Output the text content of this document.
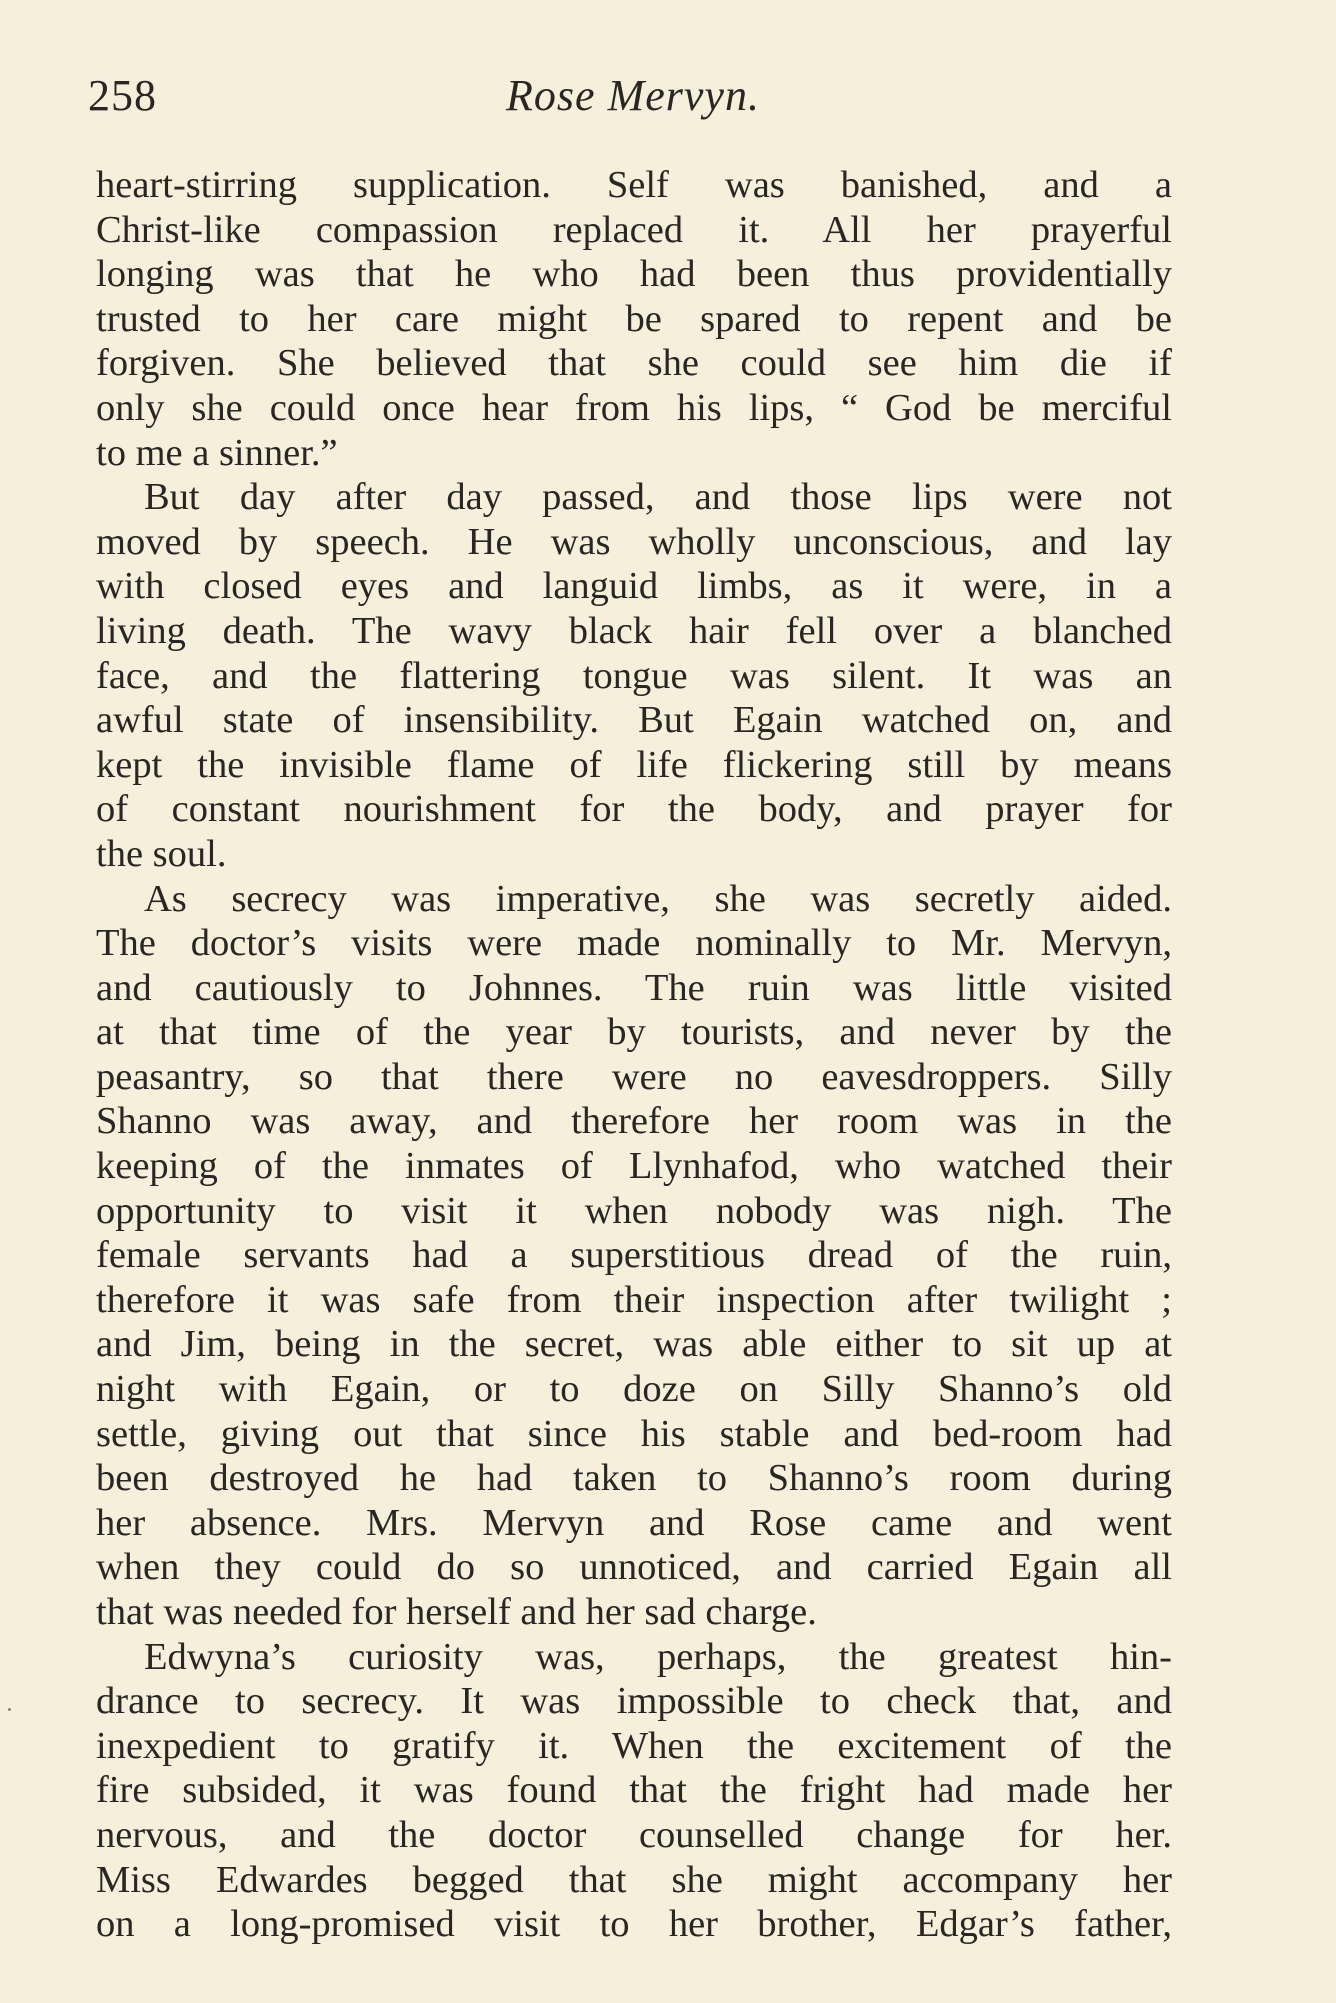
258	Rose Mervyn.
heart-stirring supplication. Self was banished, and a
Christ-like compassion replaced it. All her prayerful
longing was that he who had been thus providentially
trusted to her care might be spared to repent and be
forgiven. She believed that she could see him die if
only she could once hear from his lips, “ God be merciful
to me a sinner.”
But day after day passed, and those lips were not
moved by speech. He was wholly unconscious, and lay
with closed eyes and languid limbs, as it were, in a
living death. The wavy black hair fell over a blanched
face, and the flattering tongue was silent. It was an
awful state of insensibility. But Egain watched on, and
kept the invisible flame of life flickering still by means
of constant nourishment for the body, and prayer for
the soul.
As secrecy was imperative, she was secretly aided.
The doctor’s visits were made nominally to Mr. Mervyn,
and cautiously to Johnnes. The ruin was little visited
at that time of the year by tourists, and never by the
peasantry, so that there were no eavesdroppers. Silly
Shanno was away, and therefore her room was in the
keeping of the inmates of Llynhafod, who watched their
opportunity to visit it when nobody was nigh. The
female servants had a superstitious dread of the ruin,
therefore it was safe from their inspection after twilight ;
and Jim, being in the secret, was able either to sit up at
night with Egain, or to doze on Silly Shanno’s old
settle, giving out that since his stable and bed-room had
been destroyed he had taken to Shanno’s room during
her absence. Mrs. Mervyn and Rose came and went
when they could do so unnoticed, and carried Egain all
that was needed for herself and her sad charge.
Edwyna’s curiosity was, perhaps, the greatest hin-
drance to secrecy. It was impossible to check that, and
inexpedient to gratify it. When the excitement of the
fire subsided, it was found that the fright had made her
nervous, and the doctor counselled change for her.
Miss Edwardes begged that she might accompany her
on a long-promised visit to her brother, Edgar’s father,
